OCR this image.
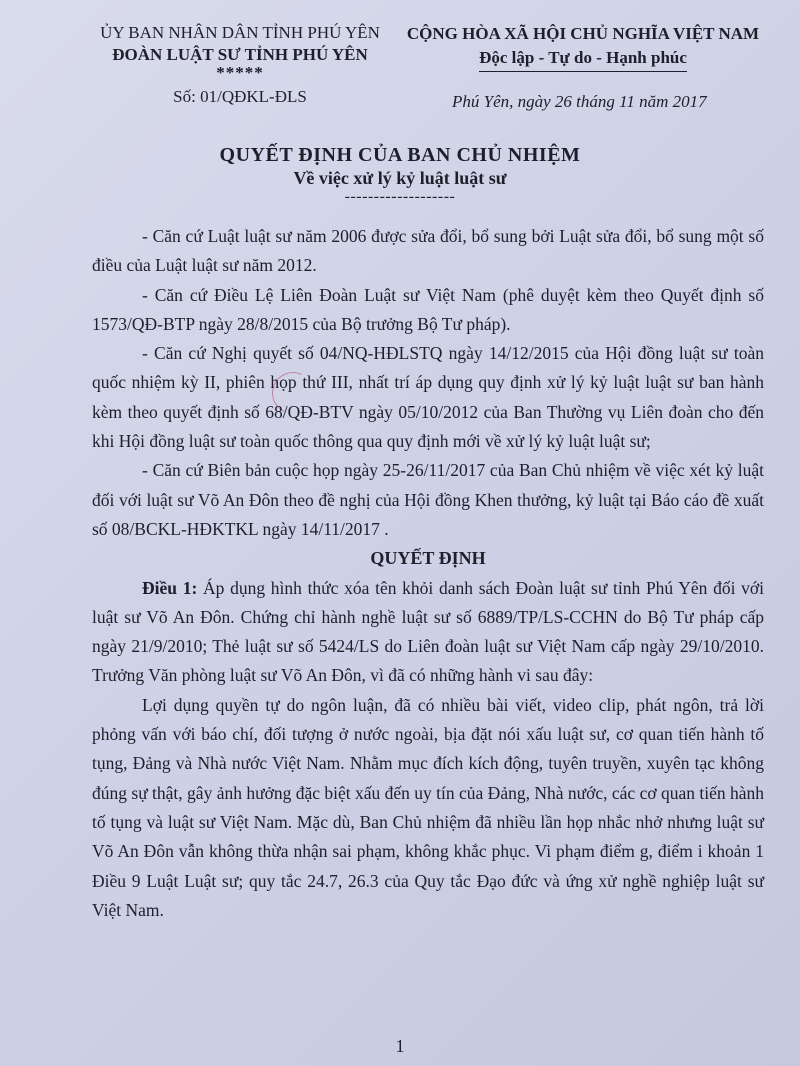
ỦY BAN NHÂN DÂN TỈNH PHÚ YÊN
ĐOÀN LUẬT SƯ TỈNH PHÚ YÊN
*****
Số: 01/QĐKL-ĐLS
CỘNG HÒA XÃ HỘI CHỦ NGHĨA VIỆT NAM
Độc lập - Tự do - Hạnh phúc
Phú Yên, ngày 26 tháng 11 năm 2017
QUYẾT ĐỊNH CỦA BAN CHỦ NHIỆM
Về việc xử lý kỷ luật luật sư
-------------------

- Căn cứ Luật luật sư năm 2006 được sửa đổi, bổ sung bởi Luật sửa đổi, bổ sung một số điều của Luật luật sư năm 2012.

- Căn cứ Điều Lệ Liên Đoàn Luật sư Việt Nam (phê duyệt kèm theo Quyết định số 1573/QĐ-BTP ngày 28/8/2015 của Bộ trưởng Bộ Tư pháp).

- Căn cứ Nghị quyết số 04/NQ-HĐLSTQ ngày 14/12/2015 của Hội đồng luật sư toàn quốc nhiệm kỳ II, phiên họp thứ III, nhất trí áp dụng quy định xử lý kỷ luật luật sư ban hành kèm theo quyết định số 68/QĐ-BTV ngày 05/10/2012 của Ban Thường vụ Liên đoàn cho đến khi Hội đồng luật sư toàn quốc thông qua quy định mới về xử lý kỷ luật luật sư;

- Căn cứ Biên bản cuộc họp ngày 25-26/11/2017 của Ban Chủ nhiệm về việc xét kỷ luật đối với luật sư Võ An Đôn theo đề nghị của Hội đồng Khen thưởng, kỷ luật tại Báo cáo đề xuất số 08/BCKL-HĐKTKL ngày 14/11/2017 .

QUYẾT ĐỊNH

Điều 1: Áp dụng hình thức xóa tên khỏi danh sách Đoàn luật sư tỉnh Phú Yên đối với luật sư Võ An Đôn. Chứng chỉ hành nghề luật sư số 6889/TP/LS-CCHN do Bộ Tư pháp cấp ngày 21/9/2010; Thẻ luật sư số 5424/LS do Liên đoàn luật sư Việt Nam cấp ngày 29/10/2010. Trưởng Văn phòng luật sư Võ An Đôn, vì đã có những hành vi sau đây:

Lợi dụng quyền tự do ngôn luận, đã có nhiều bài viết, video clip, phát ngôn, trả lời phỏng vấn với báo chí, đối tượng ở nước ngoài, bịa đặt nói xấu luật sư, cơ quan tiến hành tố tụng, Đảng và Nhà nước Việt Nam. Nhằm mục đích kích động, tuyên truyền, xuyên tạc không đúng sự thật, gây ảnh hưởng đặc biệt xấu đến uy tín của Đảng, Nhà nước, các cơ quan tiến hành tố tụng và luật sư Việt Nam. Mặc dù, Ban Chủ nhiệm đã nhiều lần họp nhắc nhở nhưng luật sư Võ An Đôn vẫn không thừa nhận sai phạm, không khắc phục. Vi phạm điểm g, điểm i khoản 1 Điều 9 Luật Luật sư; quy tắc 24.7, 26.3 của Quy tắc Đạo đức và ứng xử nghề nghiệp luật sư Việt Nam.

1
